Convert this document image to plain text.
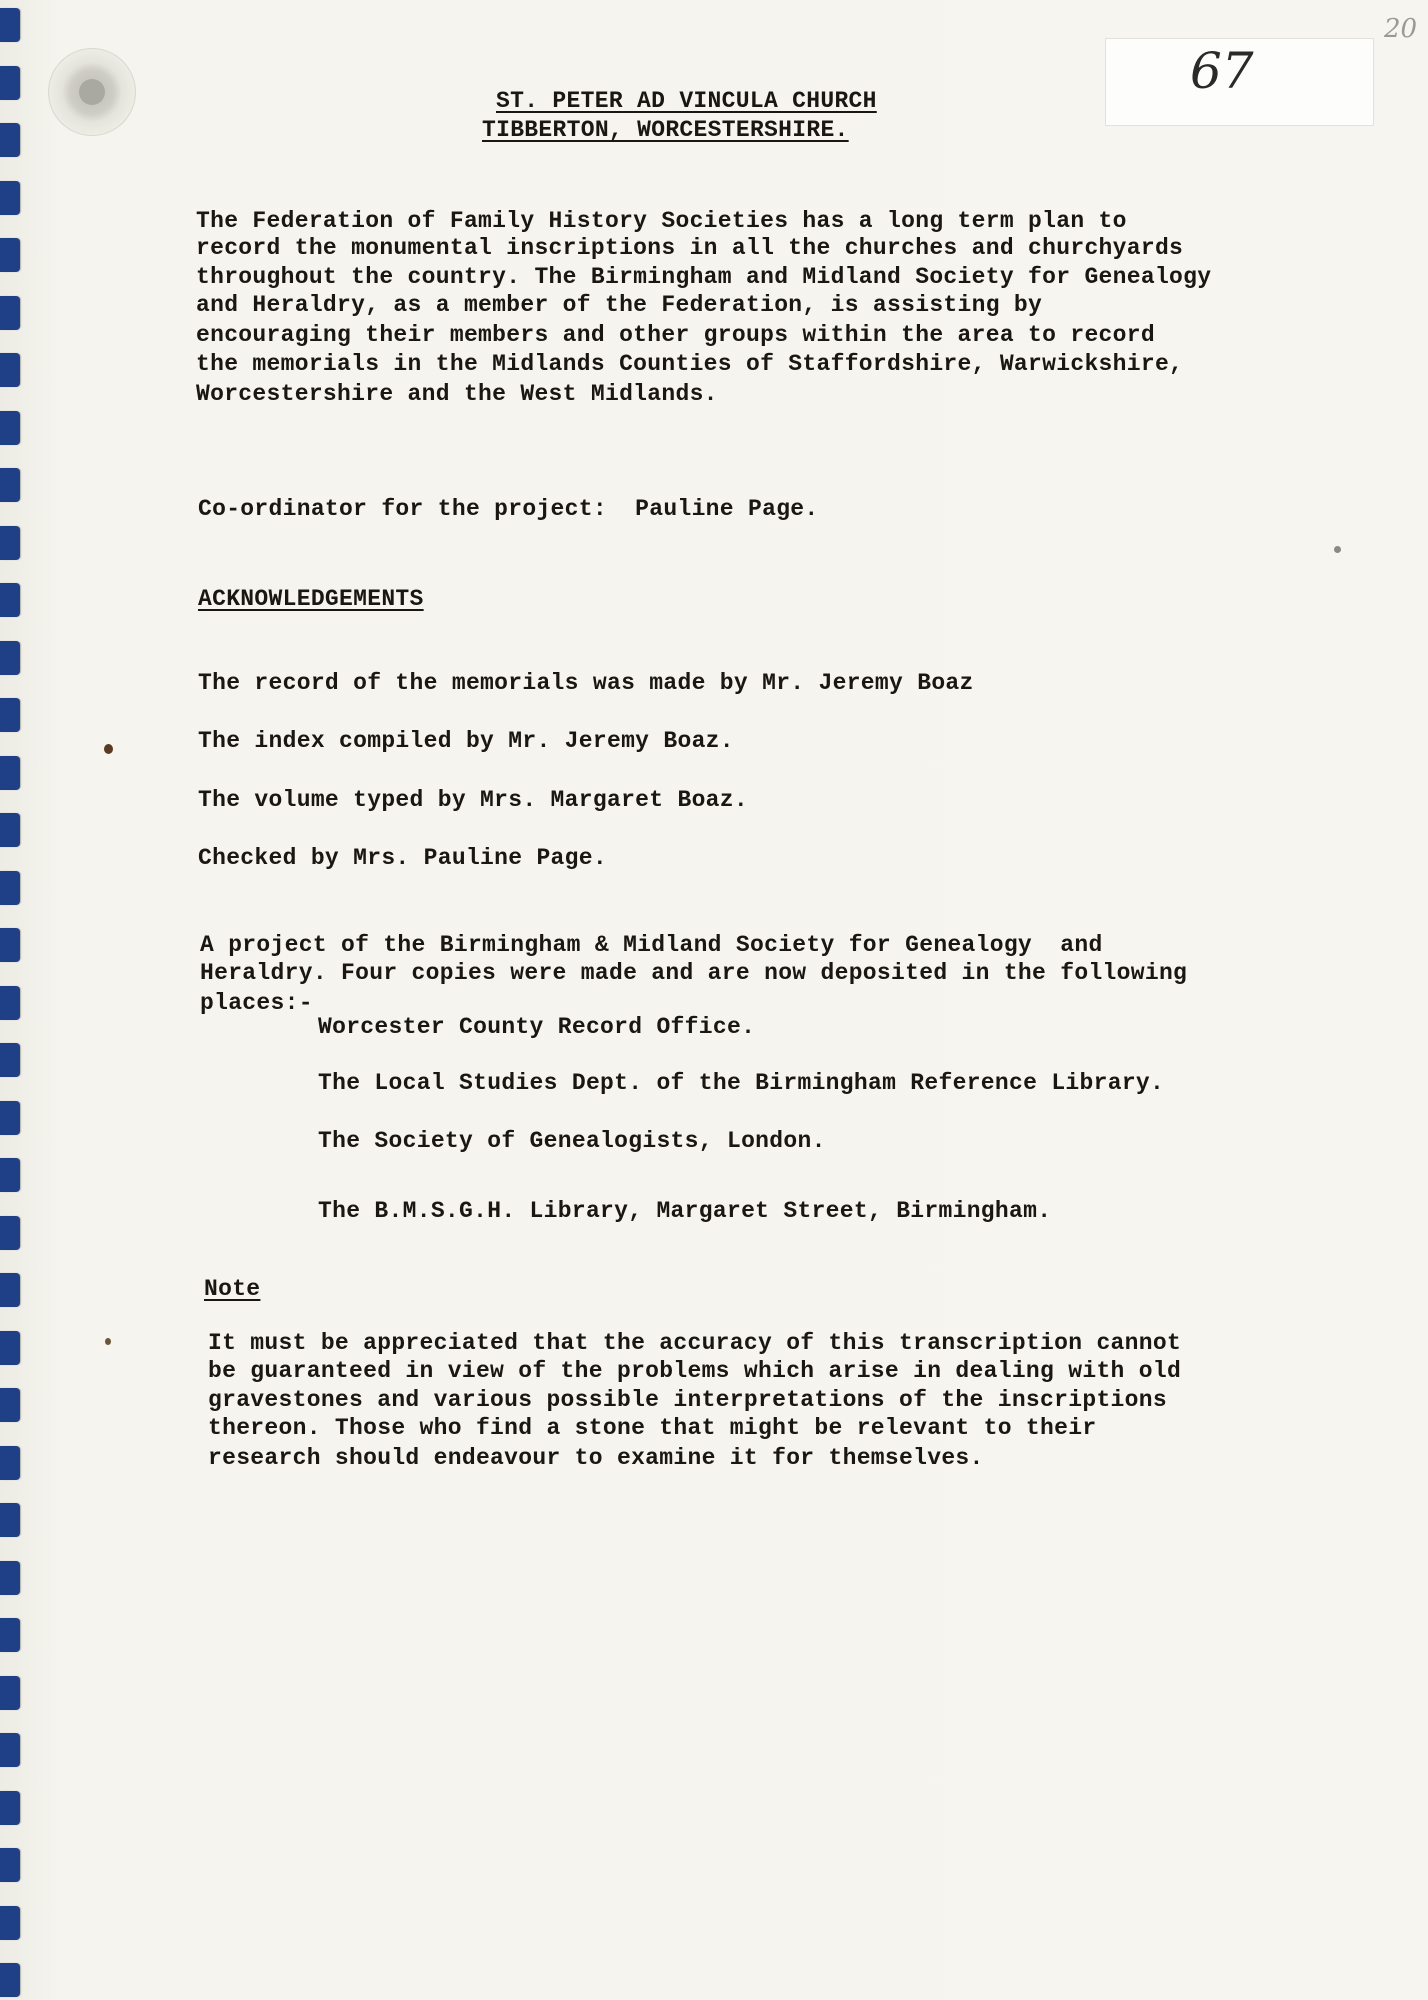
67
20
ST. PETER AD VINCULA CHURCH
TIBBERTON, WORCESTERSHIRE.
The Federation of Family History Societies has a long term plan to
record the monumental inscriptions in all the churches and churchyards
throughout the country. The Birmingham and Midland Society for Genealogy
and Heraldry, as a member of the Federation, is assisting by
encouraging their members and other groups within the area to record
the memorials in the Midlands Counties of Staffordshire, Warwickshire,
Worcestershire and the West Midlands.
Co-ordinator for the project:  Pauline Page.
ACKNOWLEDGEMENTS
The record of the memorials was made by Mr. Jeremy Boaz
The index compiled by Mr. Jeremy Boaz.
The volume typed by Mrs. Margaret Boaz.
Checked by Mrs. Pauline Page.
A project of the Birmingham & Midland Society for Genealogy  and
Heraldry. Four copies were made and are now deposited in the following
places:-
Worcester County Record Office.
The Local Studies Dept. of the Birmingham Reference Library.
The Society of Genealogists, London.
The B.M.S.G.H. Library, Margaret Street, Birmingham.
Note
It must be appreciated that the accuracy of this transcription cannot
be guaranteed in view of the problems which arise in dealing with old
gravestones and various possible interpretations of the inscriptions
thereon. Those who find a stone that might be relevant to their
research should endeavour to examine it for themselves.
